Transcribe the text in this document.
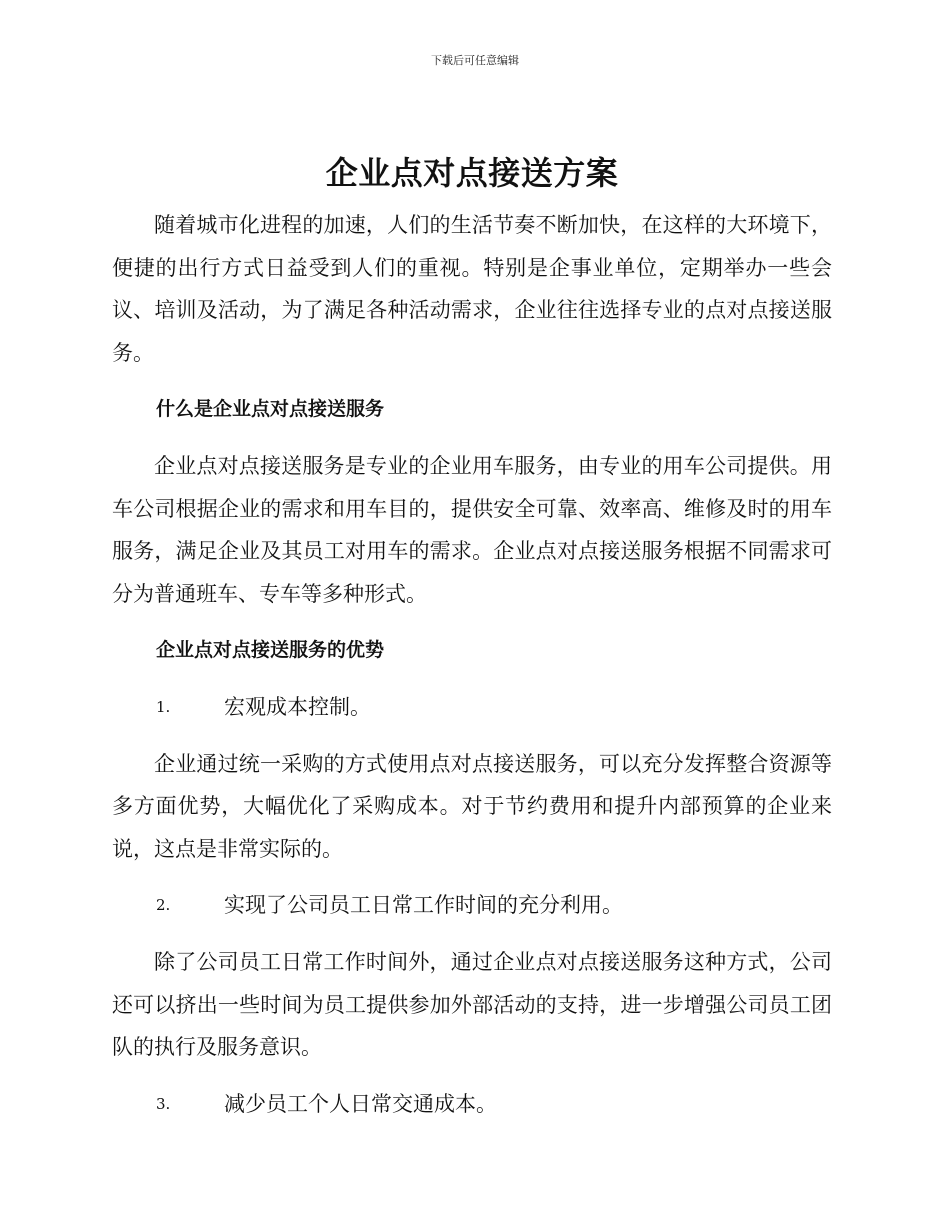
下载后可任意编辑
企业点对点接送方案

随着城市化进程的加速，人们的生活节奏不断加快，在这样的大环境下，便捷的出行方式日益受到人们的重视。特别是企事业单位，定期举办一些会议、培训及活动，为了满足各种活动需求，企业往往选择专业的点对点接送服务。

什么是企业点对点接送服务

企业点对点接送服务是专业的企业用车服务，由专业的用车公司提供。用车公司根据企业的需求和用车目的，提供安全可靠、效率高、维修及时的用车服务，满足企业及其员工对用车的需求。企业点对点接送服务根据不同需求可分为普通班车、专车等多种形式。

企业点对点接送服务的优势
1.	宏观成本控制。

企业通过统一采购的方式使用点对点接送服务，可以充分发挥整合资源等多方面优势，大幅优化了采购成本。对于节约费用和提升内部预算的企业来说，这点是非常实际的。

2.	实现了公司员工日常工作时间的充分利用。

除了公司员工日常工作时间外，通过企业点对点接送服务这种方式，公司还可以挤出一些时间为员工提供参加外部活动的支持，进一步增强公司员工团队的执行及服务意识。

3.	减少员工个人日常交通成本。
